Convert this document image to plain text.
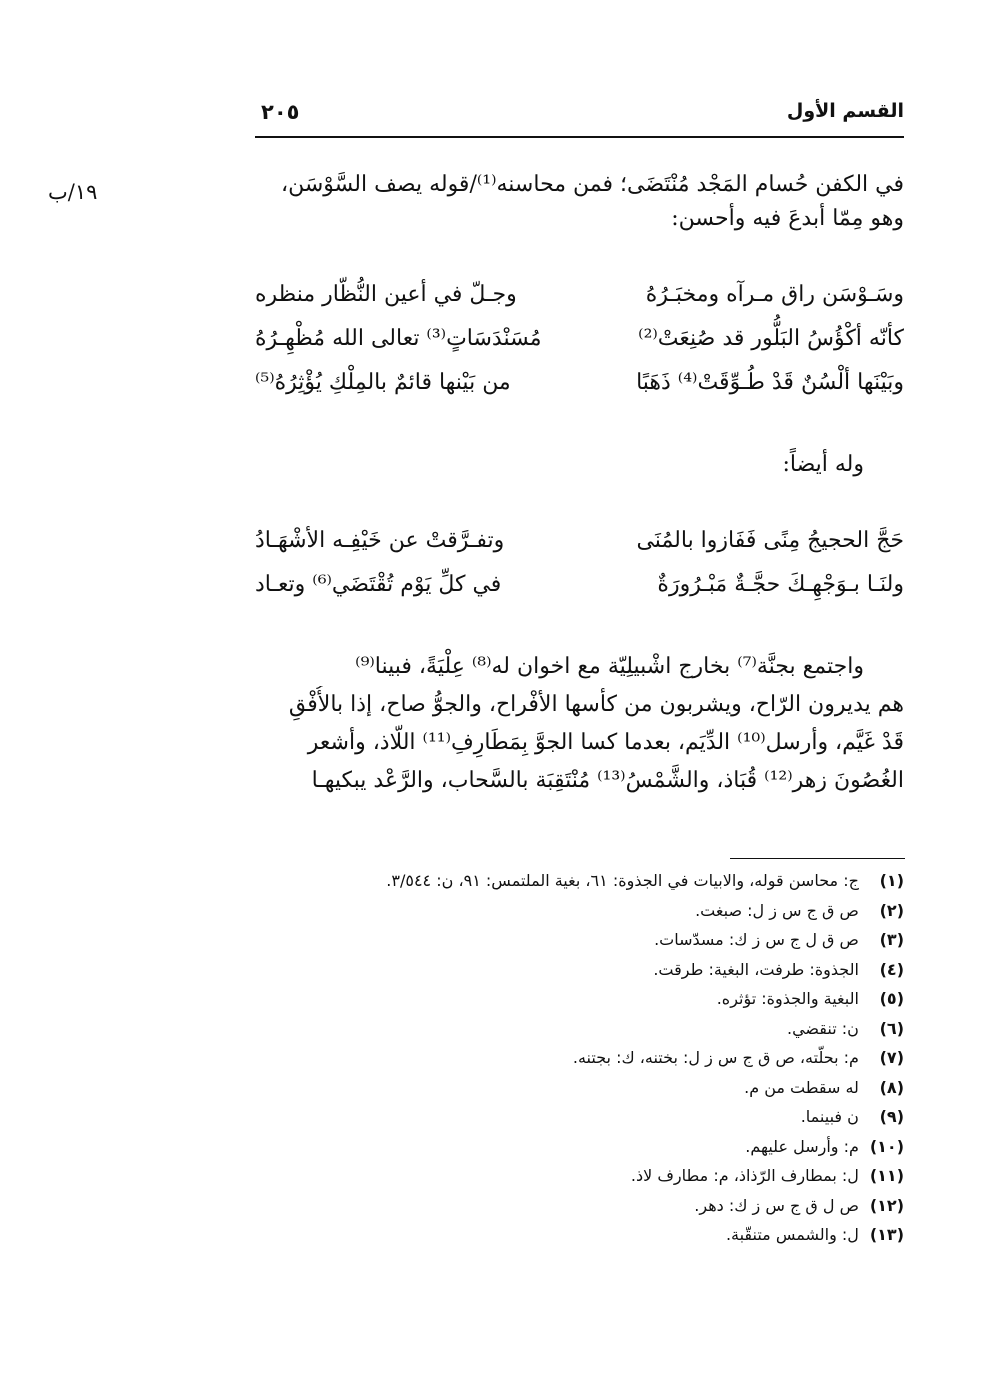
القسم الأول
٢٠٥
في الكفن حُسام المَجْد مُنْتَضَى؛ فمن محاسنه⁽¹⁾/قوله يصف السَّوْسَن،
وهو مِمّا أبدعَ فيه وأحسن:
١٩/ب
وسَـوْسَن راق مـرآه ومخبَـرُهُ
وجـلّ في أعين النُّظّار منظره
كأنّه أكْؤُسُ البَلُّور قد صُنِعَتْ⁽²⁾
مُسَنْدَسَاتٍ⁽³⁾ تعالى الله مُظْهِـرُهُ
وبَيْنَها ألْسُنٌ قَدْ طُـوِّقَتْ⁽⁴⁾ ذَهَبًا
من بَيْنها قائمٌ بالمِلْكِ يُؤْثِرُهُ⁽⁵⁾
وله أيضاً:
حَجَّ الحجيجُ مِنًى فَفَازوا بالمُنَى
وتفـرَّقتْ عن خَيْفِـه الأشْهَـادُ
ولنَـا بـوَجْهِـكَ حجَّـةٌ مَبْـرُورَةٌ
في كلِّ يَوْم تُقْتَضَي⁽⁶⁾ وتعـاد
واجتمع بجنَّة⁽⁷⁾ بخارج اشْبيلِيّة مع اخوان له⁽⁸⁾ عِلْيَةً، فبينا⁽⁹⁾
هم يديرون الرّاح، ويشربون من كأسها الأفْراح، والجوُّ صاح، إذا بالأُفْقِ
قَدْ غَيَّم، وأرسل⁽¹⁰⁾ الدِّيَم، بعدما كسا الجوَّ بِمَطَارِفِ⁽¹¹⁾ اللّاذ، وأشعر
الغُصُونَ زهر⁽¹²⁾ قُبَاذ، والشَّمْسُ⁽¹³⁾ مُنْتَقِبَة بالسَّحاب، والرَّعْد يبكيهـا
(١) ج: محاسن قوله، والابيات في الجذوة: ٦١، بغية الملتمس: ٩١، ن: ٣/٥٤٤.
(٢) ص ق ج س ز ل: صبغت.
(٣) ص ق ل ج س ز ك: مسدّسات.
(٤) الجذوة: طرفت، البغية: طرقت.
(٥) البغية والجذوة: تؤثره.
(٦) ن: تنقضي.
(٧) م: بحلّته، ص ق ج س ز ل: بختنه، ك: بجتنه.
(٨) له سقطت من م.
(٩) ن فبينما.
(١٠) م: وأرسل عليهم.
(١١) ل: بمطارف الرّذاذ، م: مطارف لاذ.
(١٢) ص ل ق ج س ز ك: دهر.
(١٣) ل: والشمس متنقّبة.
